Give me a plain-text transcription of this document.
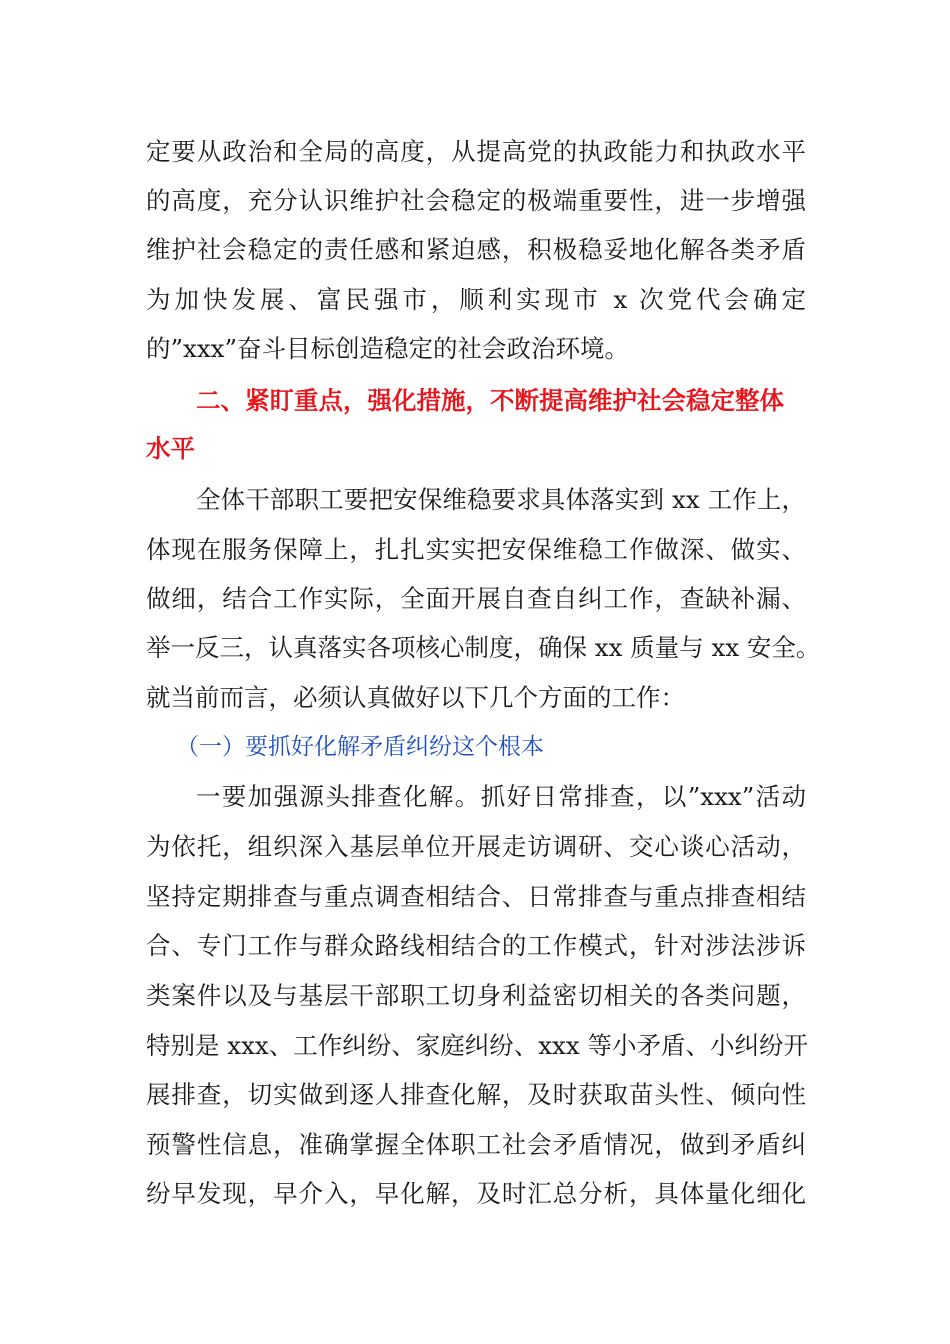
定要从政治和全局的高度，从提高党的执政能力和执政水平
的高度，充分认识维护社会稳定的极端重要性，进一步增强
维护社会稳定的责任感和紧迫感，积极稳妥地化解各类矛盾
为加快发展、富民强市，顺利实现市 x 次党代会确定
的”xxx”奋斗目标创造稳定的社会政治环境。
二、紧盯重点，强化措施，不断提高维护社会稳定整体
水平
全体干部职工要把安保维稳要求具体落实到 xx 工作上，
体现在服务保障上，扎扎实实把安保维稳工作做深、做实、
做细，结合工作实际，全面开展自查自纠工作，查缺补漏、
举一反三，认真落实各项核心制度，确保 xx 质量与 xx 安全。
就当前而言，必须认真做好以下几个方面的工作：
（一）要抓好化解矛盾纠纷这个根本
一要加强源头排查化解。抓好日常排查，以”xxx”活动
为依托，组织深入基层单位开展走访调研、交心谈心活动，
坚持定期排查与重点调查相结合、日常排查与重点排查相结
合、专门工作与群众路线相结合的工作模式，针对涉法涉诉
类案件以及与基层干部职工切身利益密切相关的各类问题，
特别是 xxx、工作纠纷、家庭纠纷、xxx 等小矛盾、小纠纷开
展排查，切实做到逐人排查化解，及时获取苗头性、倾向性
预警性信息，准确掌握全体职工社会矛盾情况，做到矛盾纠
纷早发现，早介入，早化解，及时汇总分析，具体量化细化
